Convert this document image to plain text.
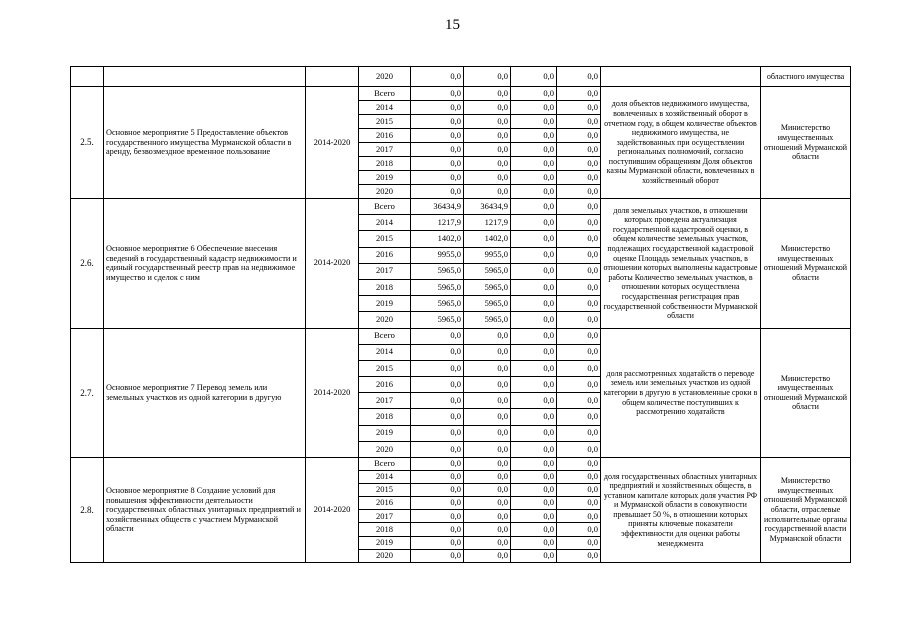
15
			2020	0,0	0,0	0,0	0,0		областного имущества
2.5.	Основное мероприятие 5 Предоставление объектов государственного имущества Мурманской области в аренду, безвозмездное временное пользование	2014-2020	Всего	0,0	0,0	0,0	0,0	доля объектов недвижимого имущества, вовлеченных в хозяйственный оборот в отчетном году, в общем количестве объектов недвижимого имущества, не задействованных при осуществлении региональных полномочий, согласно поступившим обращениям Доля объектов казны Мурманской области, вовлеченных в хозяйственный оборот	Министерство имущественных отношений Мурманской области
			2014	0,0	0,0	0,0	0,0		
			2015	0,0	0,0	0,0	0,0		
			2016	0,0	0,0	0,0	0,0		
			2017	0,0	0,0	0,0	0,0		
			2018	0,0	0,0	0,0	0,0		
			2019	0,0	0,0	0,0	0,0		
			2020	0,0	0,0	0,0	0,0		
2.6.	Основное мероприятие 6 Обеспечение внесения сведений в государственный кадастр недвижимости и единый государственный реестр прав на недвижимое имущество и сделок с ним	2014-2020	Всего	36434,9	36434,9	0,0	0,0	доля земельных участков, в отношении которых проведена актуализация государственной кадастровой оценки, в общем количестве земельных участков, подлежащих государственной кадастровой оценке Площадь земельных участков, в отношении которых выполнены кадастровые работы Количество земельных участков, в отношении которых осуществлена государственная регистрация прав государственной собственности Мурманской области	Министерство имущественных отношений Мурманской области
			2014	1217,9	1217,9	0,0	0,0		
			2015	1402,0	1402,0	0,0	0,0		
			2016	9955,0	9955,0	0,0	0,0		
			2017	5965,0	5965,0	0,0	0,0		
			2018	5965,0	5965,0	0,0	0,0		
			2019	5965,0	5965,0	0,0	0,0		
			2020	5965,0	5965,0	0,0	0,0		
2.7.	Основное мероприятие 7 Перевод земель или земельных участков из одной категории в другую	2014-2020	Всего	0,0	0,0	0,0	0,0	доля рассмотренных ходатайств о переводе земель или земельных участков из одной категории в другую в установленные сроки в общем количестве поступивших к рассмотрению ходатайств	Министерство имущественных отношений Мурманской области
			2014	0,0	0,0	0,0	0,0		
			2015	0,0	0,0	0,0	0,0		
			2016	0,0	0,0	0,0	0,0		
			2017	0,0	0,0	0,0	0,0		
			2018	0,0	0,0	0,0	0,0		
			2019	0,0	0,0	0,0	0,0		
			2020	0,0	0,0	0,0	0,0		
2.8.	Основное мероприятие 8 Создание условий для повышения эффективности деятельности государственных областных унитарных предприятий и хозяйственных обществ с участием Мурманской области	2014-2020	Всего	0,0	0,0	0,0	0,0	доля государственных областных унитарных предприятий и хозяйственных обществ, в уставном капитале которых доля участия РФ и Мурманской области в совокупности превышает 50 %, в отношении которых приняты ключевые показатели эффективности для оценки работы менеджмента	Министерство имущественных отношений Мурманской области, отраслевые исполнительные органы государственной власти Мурманской области
			2014	0,0	0,0	0,0	0,0		
			2015	0,0	0,0	0,0	0,0		
			2016	0,0	0,0	0,0	0,0		
			2017	0,0	0,0	0,0	0,0		
			2018	0,0	0,0	0,0	0,0		
			2019	0,0	0,0	0,0	0,0		
			2020	0,0	0,0	0,0	0,0		
